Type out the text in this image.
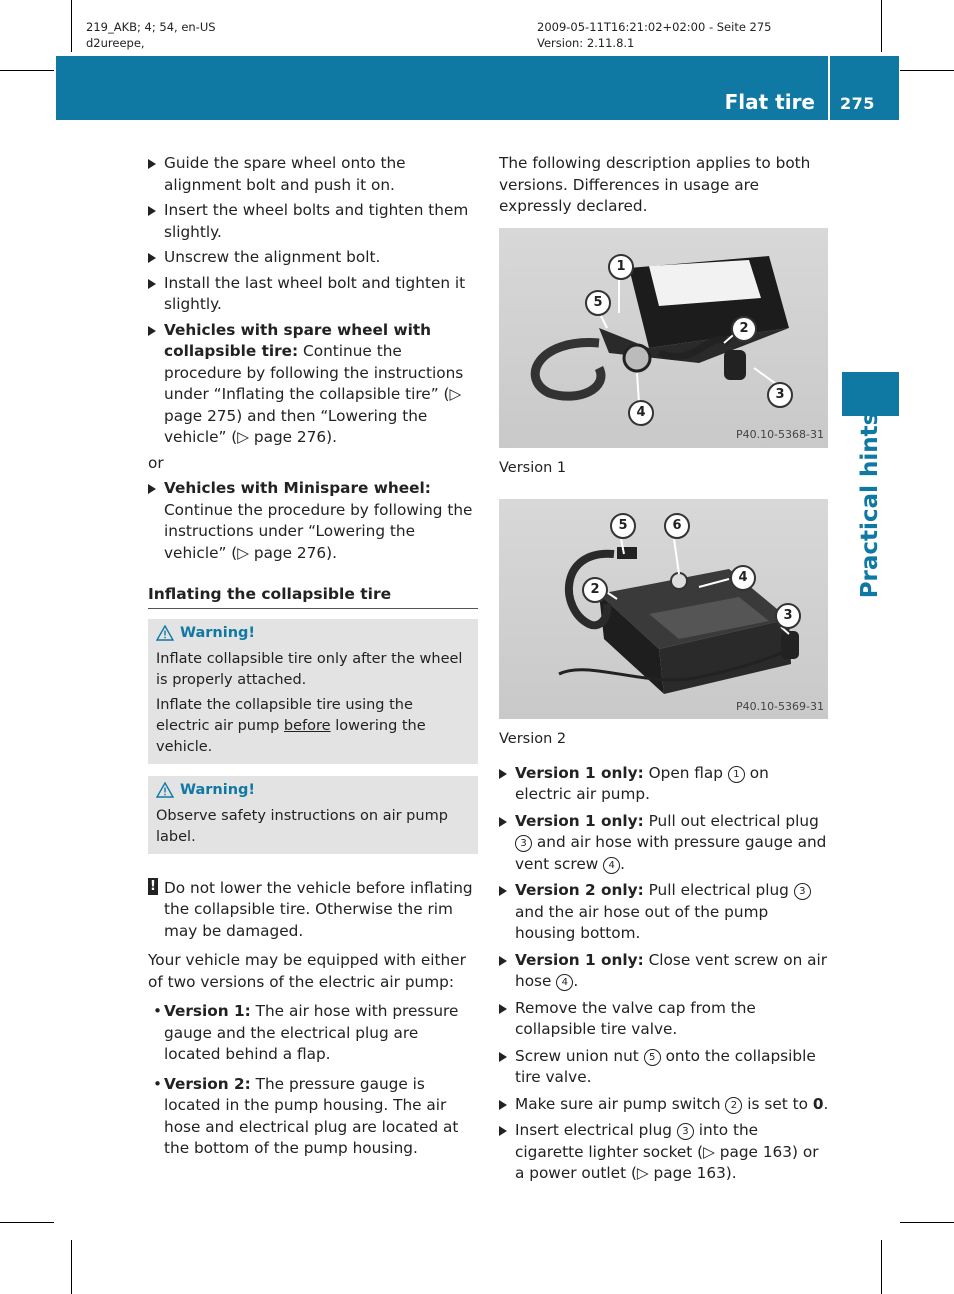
219_AKB; 4; 54, en-US
d2ureepe,
2009-05-11T16:21:02+02:00 - Seite 275
Version: 2.11.8.1
Flat tire 275
Practical hints
Guide the spare wheel onto the alignment bolt and push it on.
Insert the wheel bolts and tighten them slightly.
Unscrew the alignment bolt.
Install the last wheel bolt and tighten it slightly.
Vehicles with spare wheel with collapsible tire: Continue the procedure by following the instructions under “Inflating the collapsible tire” (▷ page 275) and then “Lowering the vehicle” (▷ page 276).
or
Vehicles with Minispare wheel: Continue the procedure by following the instructions under “Lowering the vehicle” (▷ page 276).
Inflating the collapsible tire
Warning!

Inflate collapsible tire only after the wheel is properly attached.

Inflate the collapsible tire using the electric air pump before lowering the vehicle.

Warning!

Observe safety instructions on air pump label.

! Do not lower the vehicle before inflating the collapsible tire. Otherwise the rim may be damaged.
Your vehicle may be equipped with either of two versions of the electric air pump:
• Version 1: The air hose with pressure gauge and the electrical plug are located behind a flap.
• Version 2: The pressure gauge is located in the pump housing. The air hose and electrical plug are located at the bottom of the pump housing.
The following description applies to both versions. Differences in usage are expressly declared.
1
5
2
3
4
P40.10-5368-31
Version 1
5	6
4
2
3
P40.10-5369-31
Version 2
Version 1 only: Open flap 1 on electric air pump.
Version 1 only: Pull out electrical plug 3 and air hose with pressure gauge and vent screw 4 .
Version 2 only: Pull electrical plug 3 and the air hose out of the pump housing bottom.
Version 1 only: Close vent screw on air hose 4 .
Remove the valve cap from the collapsible tire valve.
Screw union nut 5 onto the collapsible tire valve.
Make sure air pump switch 2 is set to 0.
Insert electrical plug 3 into the cigarette lighter socket (▷ page 163) or a power outlet (▷ page 163).
